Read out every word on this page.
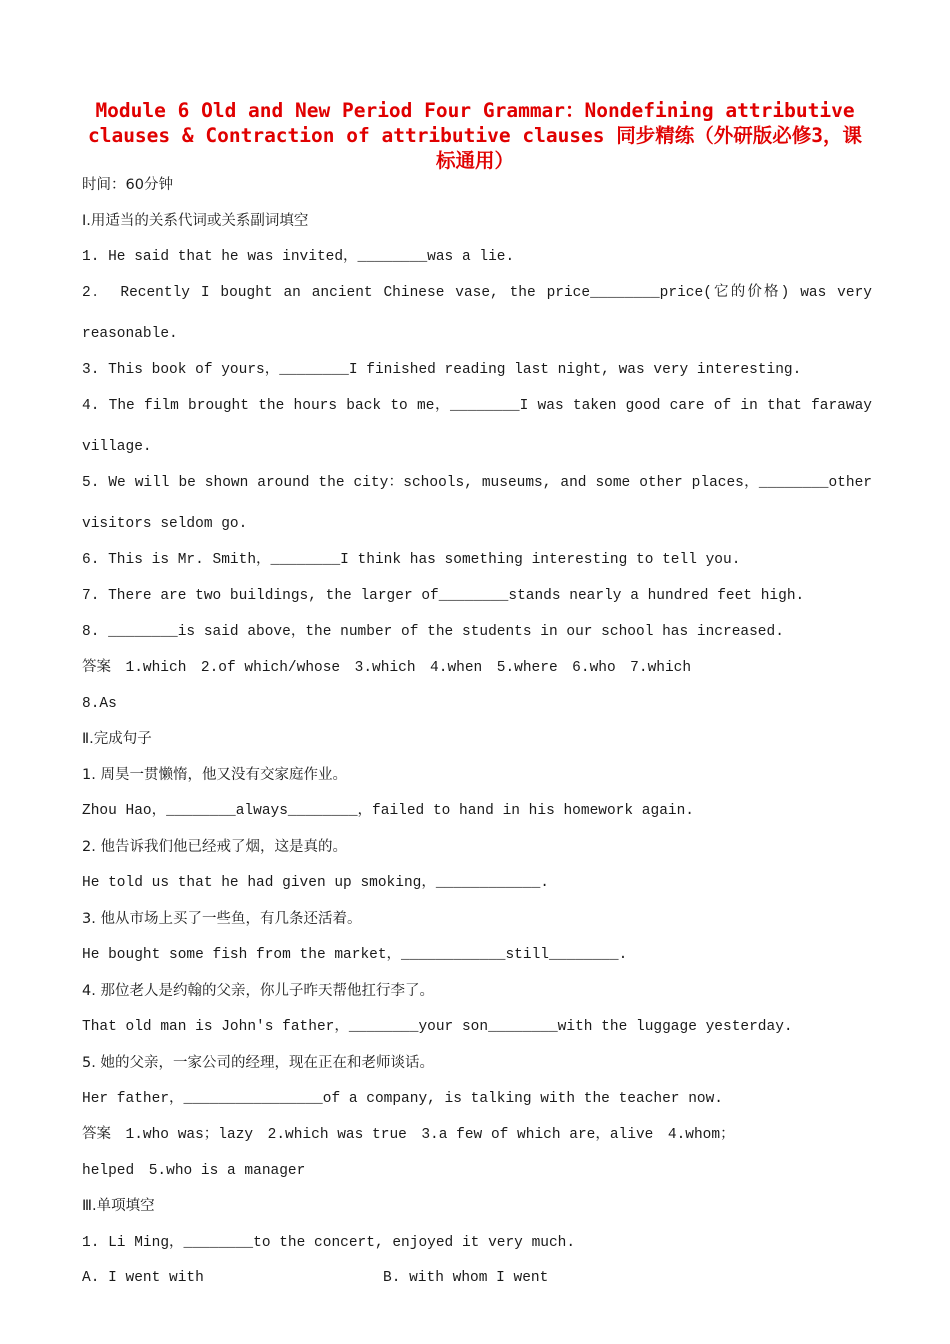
Module 6 Old and New Period Four Grammar：Nondefining attributive
clauses & Contraction of attributive clauses 同步精练（外研版必修3，课
标通用）
时间：60分钟
Ⅰ.用适当的关系代词或关系副词填空
1. He said that he was invited，________was a lie.
2． Recently I bought an ancient Chinese vase, the price________price(它的价格) was very
reasonable.
3. This book of yours，________I finished reading last night, was very interesting.
4. The film brought the hours back to me，________I was taken good care of in that faraway
village.
5. We will be shown around the city：schools, museums, and some other places，________other
visitors seldom go.
6. This is Mr. Smith，________I think has something interesting to tell you.
7. There are two buildings, the larger of________stands nearly a hundred feet high.
8. ________is said above，the number of the students in our school has increased.
答案　1.which　2.of which/whose　3.which　4.when　5.where　6.who　7.which
8.As
Ⅱ.完成句子
1. 周昊一贯懒惰，他又没有交家庭作业。
Zhou Hao，________always________，failed to hand in his homework again.
2. 他告诉我们他已经戒了烟，这是真的。
He told us that he had given up smoking，____________.
3. 他从市场上买了一些鱼，有几条还活着。
He bought some fish from the market，____________still________.
4. 那位老人是约翰的父亲，你儿子昨天帮他扛行李了。
That old man is John's father，________your son________with the luggage yesterday.
5. 她的父亲，一家公司的经理，现在正在和老师谈话。
Her father，________________of a company, is talking with the teacher now.
答案　1.who was；lazy　2.which was true　3.a few of which are，alive　4.whom；
helped　5.who is a manager
Ⅲ.单项填空
1. Li Ming，________to the concert, enjoyed it very much.
A. I went with	B. with whom I went
